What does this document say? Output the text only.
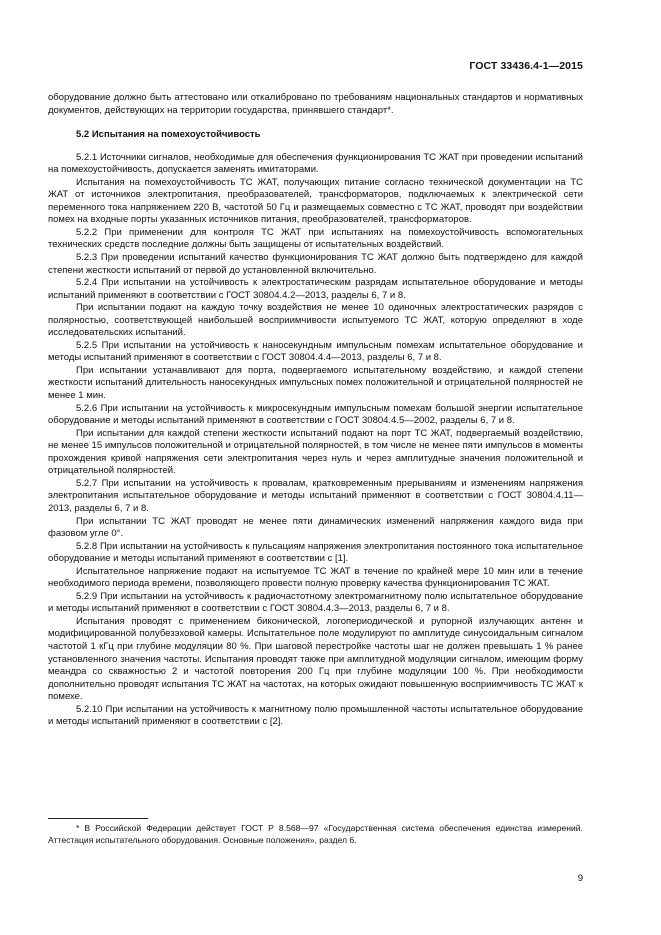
ГОСТ 33436.4-1—2015

оборудование должно быть аттестовано или откалибровано по требованиям национальных стандартов и нормативных документов, действующих на территории государства, принявшего стандарт*.

5.2 Испытания на помехоустойчивость

5.2.1 Источники сигналов, необходимые для обеспечения функционирования ТС ЖАТ при проведении испытаний на помехоустойчивость, допускается заменять имитаторами.

Испытания на помехоустойчивость ТС ЖАТ, получающих питание согласно технической документации на ТС ЖАТ от источников электропитания, преобразователей, трансформаторов, подключаемых к электрической сети переменного тока напряжением 220 В, частотой 50 Гц и размещаемых совместно с ТС ЖАТ, проводят при воздействии помех на входные порты указанных источников питания, преобразователей, трансформаторов.

5.2.2 При применении для контроля ТС ЖАТ при испытаниях на помехоустойчивость вспомогательных технических средств последние должны быть защищены от испытательных воздействий.

5.2.3 При проведении испытаний качество функционирования ТС ЖАТ должно быть подтверждено для каждой степени жесткости испытаний от первой до установленной включительно.

5.2.4 При испытании на устойчивость к электростатическим разрядам испытательное оборудование и методы испытаний применяют в соответствии с ГОСТ 30804.4.2—2013, разделы 6, 7 и 8.

При испытании подают на каждую точку воздействия не менее 10 одиночных электростатических разрядов с полярностью, соответствующей наибольшей восприимчивости испытуемого ТС ЖАТ, которую определяют в ходе исследовательских испытаний.

5.2.5 При испытании на устойчивость к наносекундным импульсным помехам испытательное оборудование и методы испытаний применяют в соответствии с ГОСТ 30804.4.4—2013, разделы 6, 7 и 8.

При испытании устанавливают для порта, подвергаемого испытательному воздействию, и каждой степени жесткости испытаний длительность наносекундных импульсных помех положительной и отрицательной полярностей не менее 1 мин.

5.2.6 При испытании на устойчивость к микросекундным импульсным помехам большой энергии испытательное оборудование и методы испытаний применяют в соответствии с ГОСТ 30804.4.5—2002, разделы 6, 7 и 8.

При испытании для каждой степени жесткости испытаний подают на порт ТС ЖАТ, подвергаемый воздействию, не менее 15 импульсов положительной и отрицательной полярностей, в том числе не менее пяти импульсов в моменты прохождения кривой напряжения сети электропитания через нуль и через амплитудные значения положительной и отрицательной полярностей.

5.2.7 При испытании на устойчивость к провалам, кратковременным прерываниям и изменениям напряжения электропитания испытательное оборудование и методы испытаний применяют в соответствии с ГОСТ 30804.4.11—2013, разделы 6, 7 и 8.

При испытании ТС ЖАТ проводят не менее пяти динамических изменений напряжения каждого вида при фазовом угле 0°.

5.2.8 При испытании на устойчивость к пульсациям напряжения электропитания постоянного тока испытательное оборудование и методы испытаний применяют в соответствии с [1].

Испытательное напряжение подают на испытуемое ТС ЖАТ в течение по крайней мере 10 мин или в течение необходимого периода времени, позволяющего провести полную проверку качества функционирования ТС ЖАТ.

5.2.9 При испытании на устойчивость к радиочастотному электромагнитному полю испытательное оборудование и методы испытаний применяют в соответствии с ГОСТ 30804.4.3—2013, разделы 6, 7 и 8.

Испытания проводят с применением биконической, логопериодической и рупорной излучающих антенн и модифицированной полубезэховой камеры. Испытательное поле модулируют по амплитуде синусоидальным сигналом частотой 1 кГц при глубине модуляции 80 %. При шаговой перестройке частоты шаг не должен превышать 1 % ранее установленного значения частоты. Испытания проводят также при амплитудной модуляции сигналом, имеющим форму меандра со скважностью 2 и частотой повторения 200 Гц при глубине модуляции 100 %. При необходимости дополнительно проводят испытания ТС ЖАТ на частотах, на которых ожидают повышенную восприимчивость ТС ЖАТ к помехе.

5.2.10 При испытании на устойчивость к магнитному полю промышленной частоты испытательное оборудование и методы испытаний применяют в соответствии с [2].

* В Российской Федерации действует ГОСТ Р 8.568—97 «Государственная система обеспечения единства измерений. Аттестация испытательного оборудования. Основные положения», раздел 6.

9
